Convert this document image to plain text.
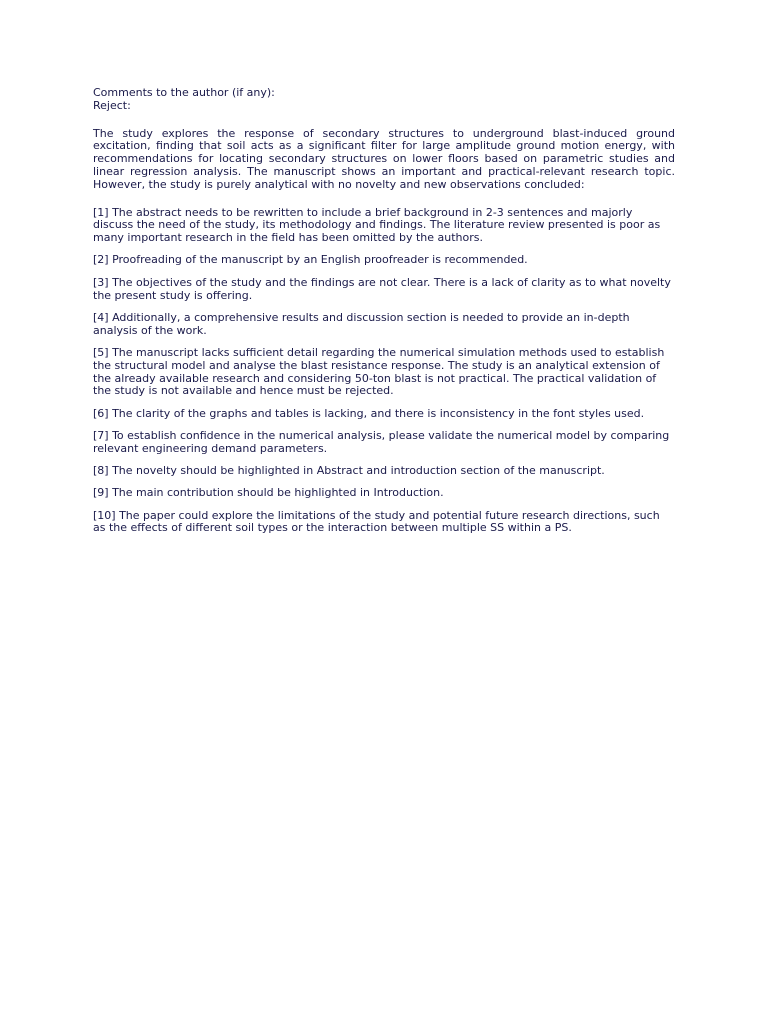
Comments to the author (if any):
Reject:

The study explores the response of secondary structures to underground blast-induced ground excitation, finding that soil acts as a significant filter for large amplitude ground motion energy, with recommendations for locating secondary structures on lower floors based on parametric studies and linear regression analysis. The manuscript shows an important and practical-relevant research topic. However, the study is purely analytical with no novelty and new observations concluded:

[1] The abstract needs to be rewritten to include a brief background in 2-3 sentences and majorly discuss the need of the study, its methodology and findings. The literature review presented is poor as many important research in the field has been omitted by the authors.

[2] Proofreading of the manuscript by an English proofreader is recommended.

[3] The objectives of the study and the findings are not clear. There is a lack of clarity as to what novelty the present study is offering.

[4] Additionally, a comprehensive results and discussion section is needed to provide an in-depth analysis of the work.

[5] The manuscript lacks sufficient detail regarding the numerical simulation methods used to establish the structural model and analyse the blast resistance response. The study is an analytical extension of the already available research and considering 50-ton blast is not practical. The practical validation of the study is not available and hence must be rejected.

[6] The clarity of the graphs and tables is lacking, and there is inconsistency in the font styles used.

[7] To establish confidence in the numerical analysis, please validate the numerical model by comparing relevant engineering demand parameters.

[8] The novelty should be highlighted in Abstract and introduction section of the manuscript.

[9] The main contribution should be highlighted in Introduction.

[10] The paper could explore the limitations of the study and potential future research directions, such as the effects of different soil types or the interaction between multiple SS within a PS.
